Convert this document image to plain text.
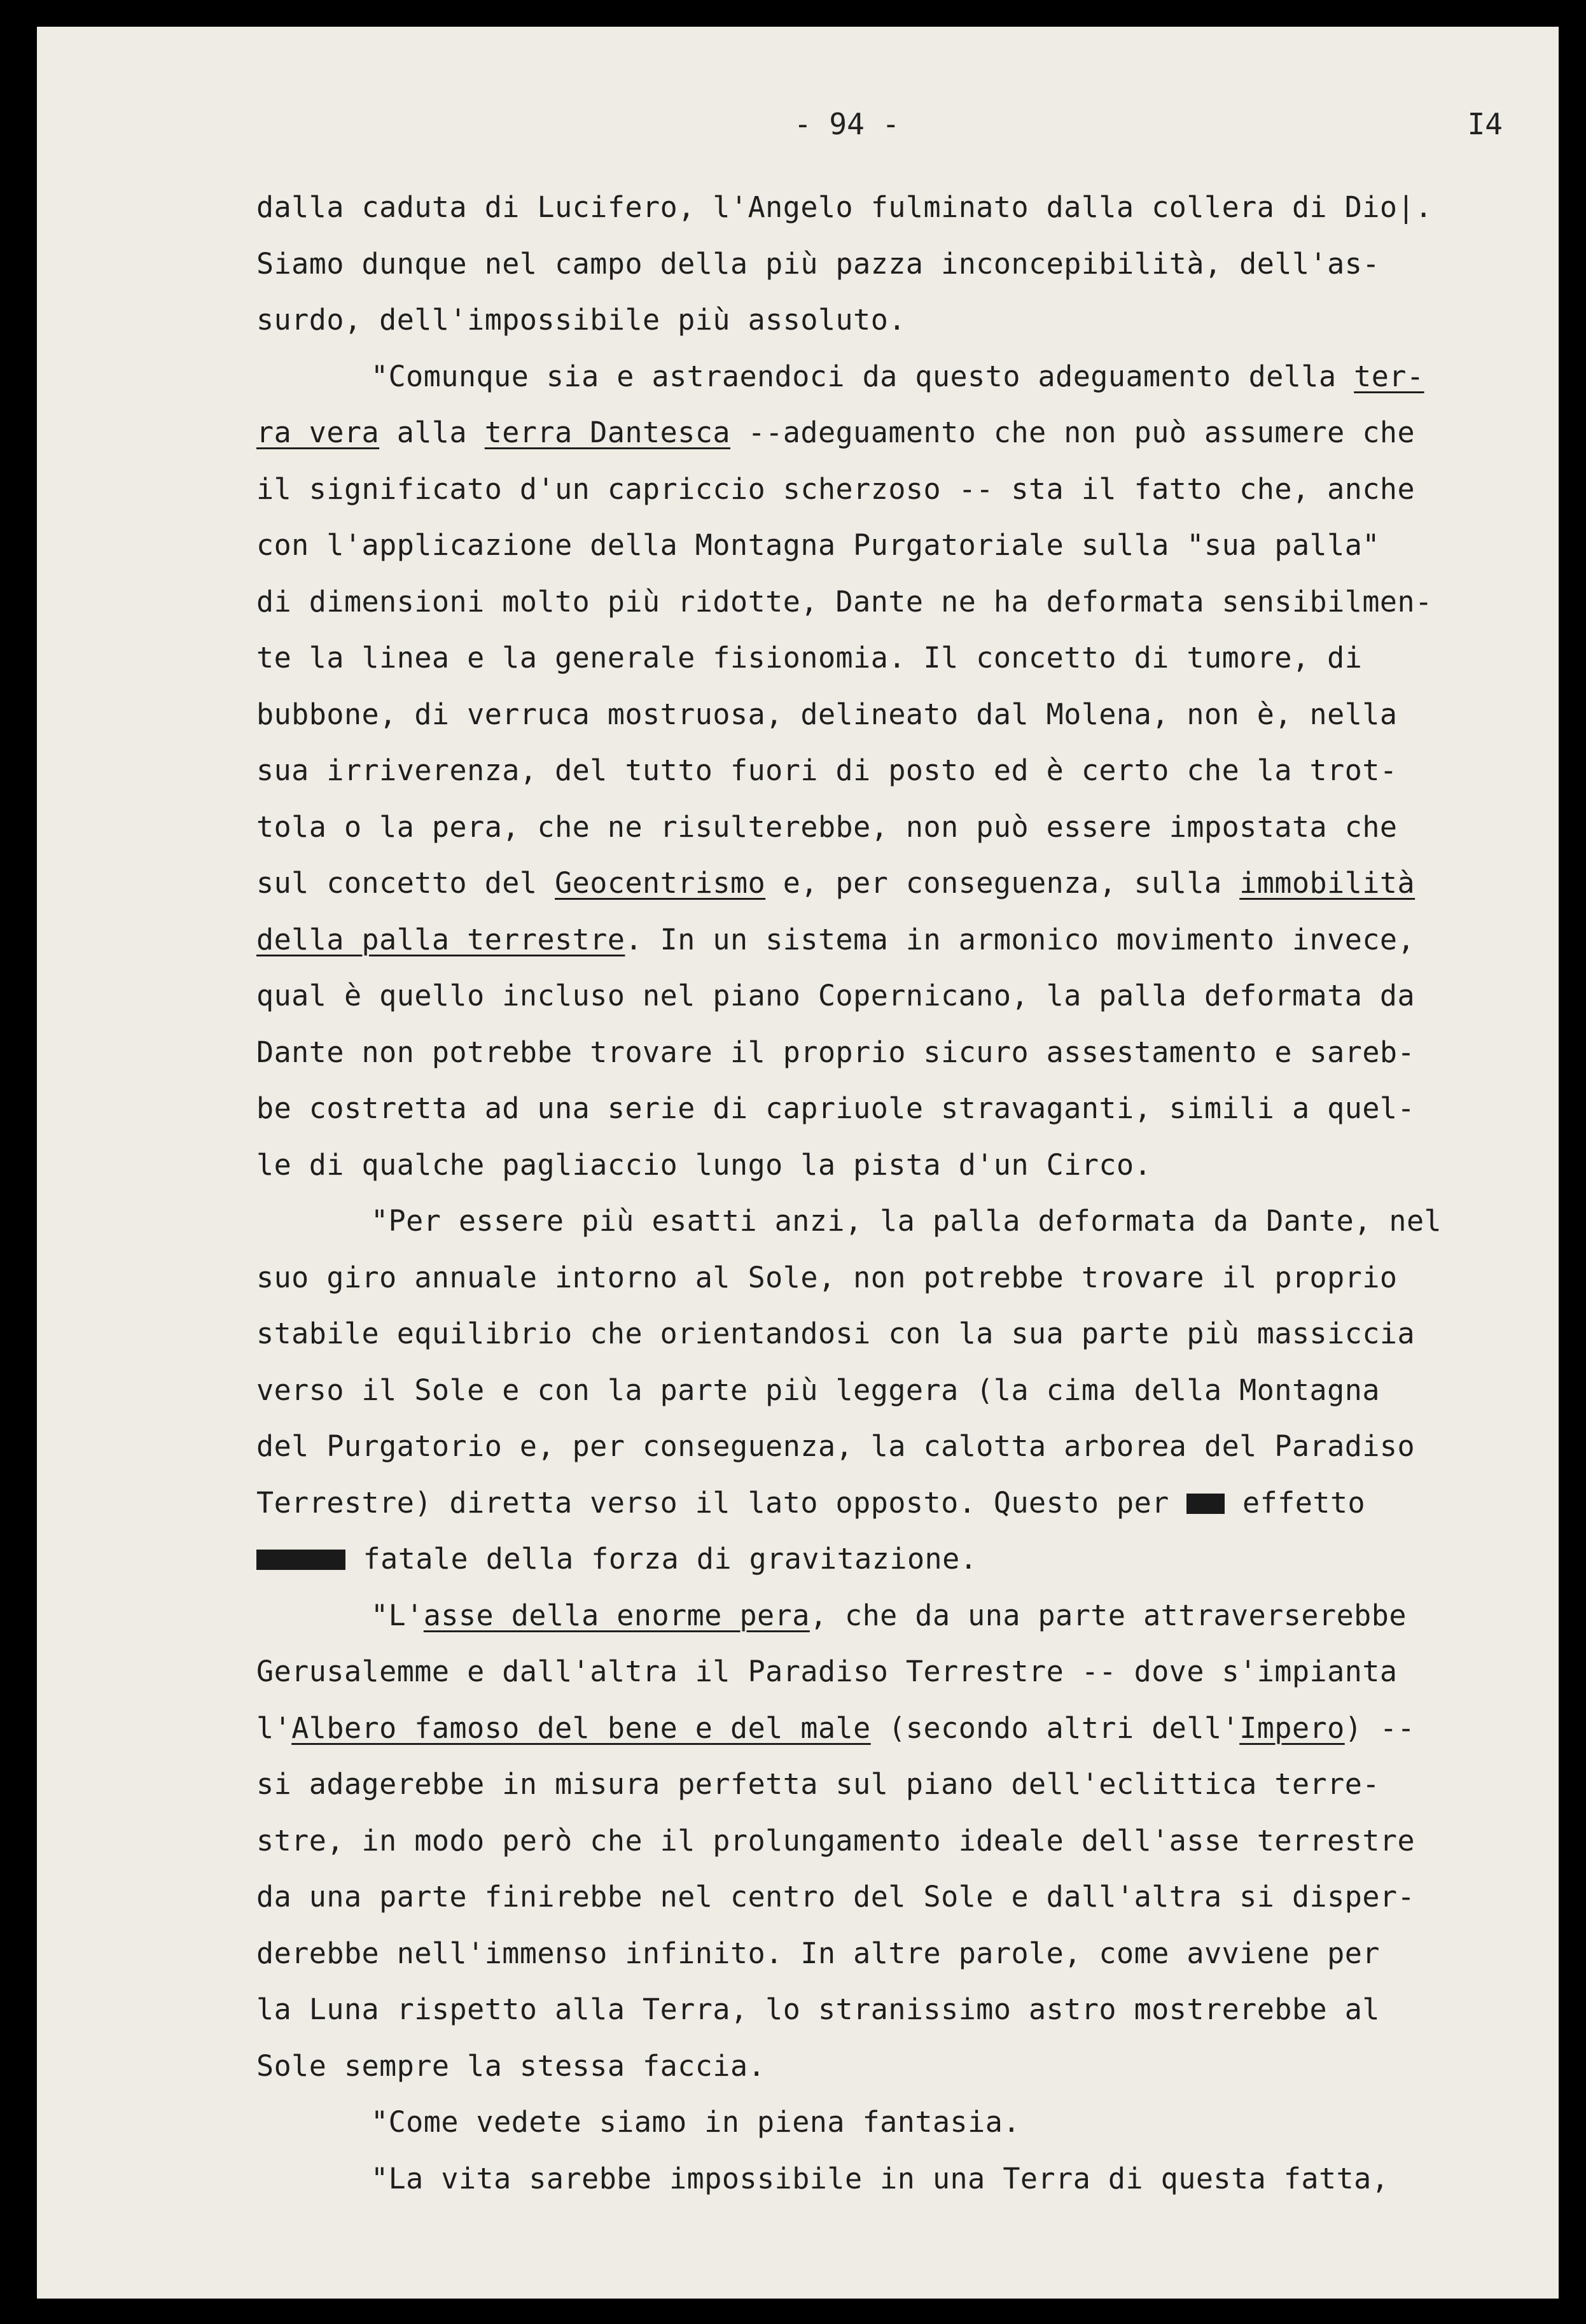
- 94 -	I4
dalla caduta di Lucifero, l'Angelo fulminato dalla collera di Dio|.
Siamo dunque nel campo della più pazza inconcepibilità, dell'as-
surdo, dell'impossibile più assoluto.
"Comunque sia e astraendoci da questo adeguamento della ter-
ra vera alla terra Dantesca --adeguamento che non può assumere che
il significato d'un capriccio scherzoso -- sta il fatto che, anche
con l'applicazione della Montagna Purgatoriale sulla "sua palla"
di dimensioni molto più ridotte, Dante ne ha deformata sensibilmen-
te la linea e la generale fisionomia. Il concetto di tumore, di
bubbone, di verruca mostruosa, delineato dal Molena, non è, nella
sua irriverenza, del tutto fuori di posto ed è certo che la trot-
tola o la pera, che ne risulterebbe, non può essere impostata che
sul concetto del Geocentrismo e, per conseguenza, sulla immobilità
della palla terrestre. In un sistema in armonico movimento invece,
qual è quello incluso nel piano Copernicano, la palla deformata da
Dante non potrebbe trovare il proprio sicuro assestamento e sareb-
be costretta ad una serie di capriuole stravaganti, simili a quel-
le di qualche pagliaccio lungo la pista d'un Circo.
"Per essere più esatti anzi, la palla deformata da Dante, nel
suo giro annuale intorno al Sole, non potrebbe trovare il proprio
stabile equilibrio che orientandosi con la sua parte più massiccia
verso il Sole e con la parte più leggera (la cima della Montagna
del Purgatorio e, per conseguenza, la calotta arborea del Paradiso
Terrestre) diretta verso il lato opposto. Questo per  effetto
fatale della forza di gravitazione.
"L'asse della enorme pera, che da una parte attraverserebbe
Gerusalemme e dall'altra il Paradiso Terrestre -- dove s'impianta
l'Albero famoso del bene e del male (secondo altri dell'Impero) --
si adagerebbe in misura perfetta sul piano dell'eclittica terre-
stre, in modo però che il prolungamento ideale dell'asse terrestre
da una parte finirebbe nel centro del Sole e dall'altra si disper-
derebbe nell'immenso infinito. In altre parole, come avviene per
la Luna rispetto alla Terra, lo stranissimo astro mostrerebbe al
Sole sempre la stessa faccia.
"Come vedete siamo in piena fantasia.
"La vita sarebbe impossibile in una Terra di questa fatta,
